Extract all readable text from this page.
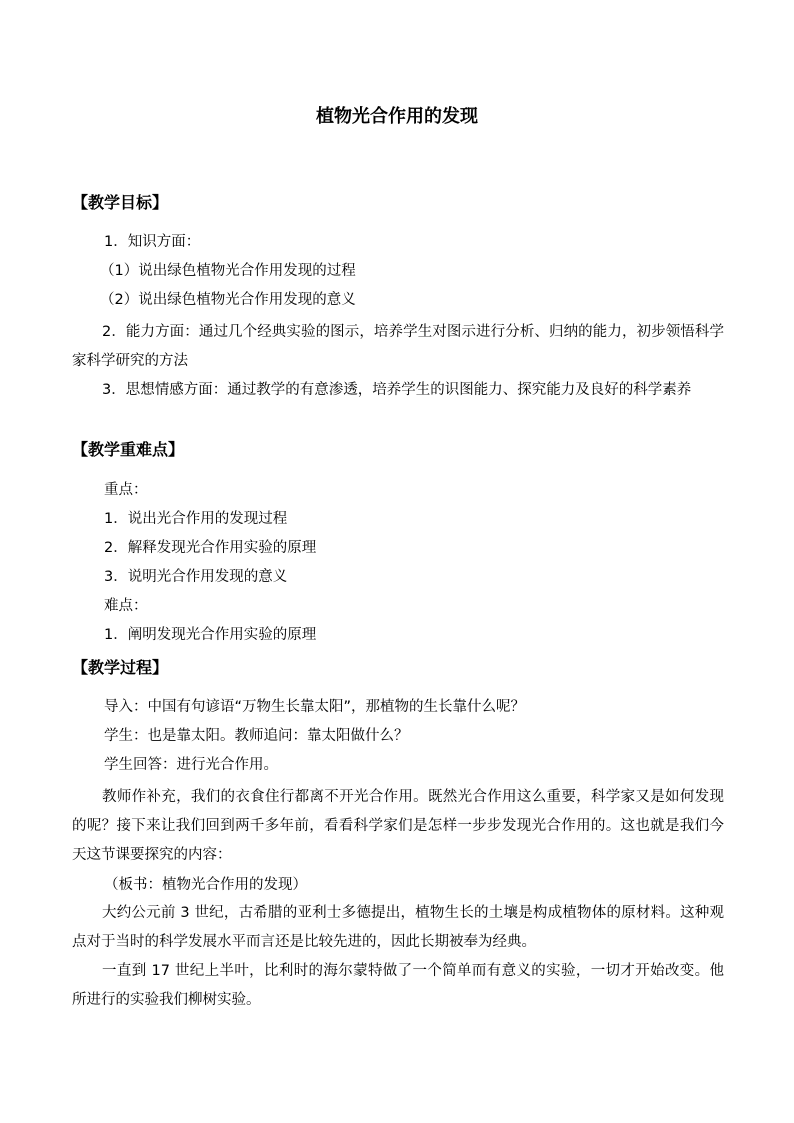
植物光合作用的发现
【教学目标】
1．知识方面：
（1）说出绿色植物光合作用发现的过程
（2）说出绿色植物光合作用发现的意义

2．能力方面：通过几个经典实验的图示，培养学生对图示进行分析、归纳的能力，初步领悟科学家科学研究的方法

3．思想情感方面：通过教学的有意渗透，培养学生的识图能力、探究能力及良好的科学素养

【教学重难点】
重点：
1．说出光合作用的发现过程
2．解释发现光合作用实验的原理
3．说明光合作用发现的意义
难点：
1．阐明发现光合作用实验的原理
【教学过程】
导入：中国有句谚语“万物生长靠太阳”，那植物的生长靠什么呢？
学生：也是靠太阳。教师追问：靠太阳做什么？
学生回答：进行光合作用。

教师作补充，我们的衣食住行都离不开光合作用。既然光合作用这么重要，科学家又是如何发现的呢？接下来让我们回到两千多年前，看看科学家们是怎样一步步发现光合作用的。这也就是我们今天这节课要探究的内容：

（板书：植物光合作用的发现）

大约公元前 3 世纪，古希腊的亚利士多德提出，植物生长的土壤是构成植物体的原材料。这种观点对于当时的科学发展水平而言还是比较先进的，因此长期被奉为经典。

一直到 17 世纪上半叶，比利时的海尔蒙特做了一个简单而有意义的实验，一切才开始改变。他所进行的实验我们柳树实验。
